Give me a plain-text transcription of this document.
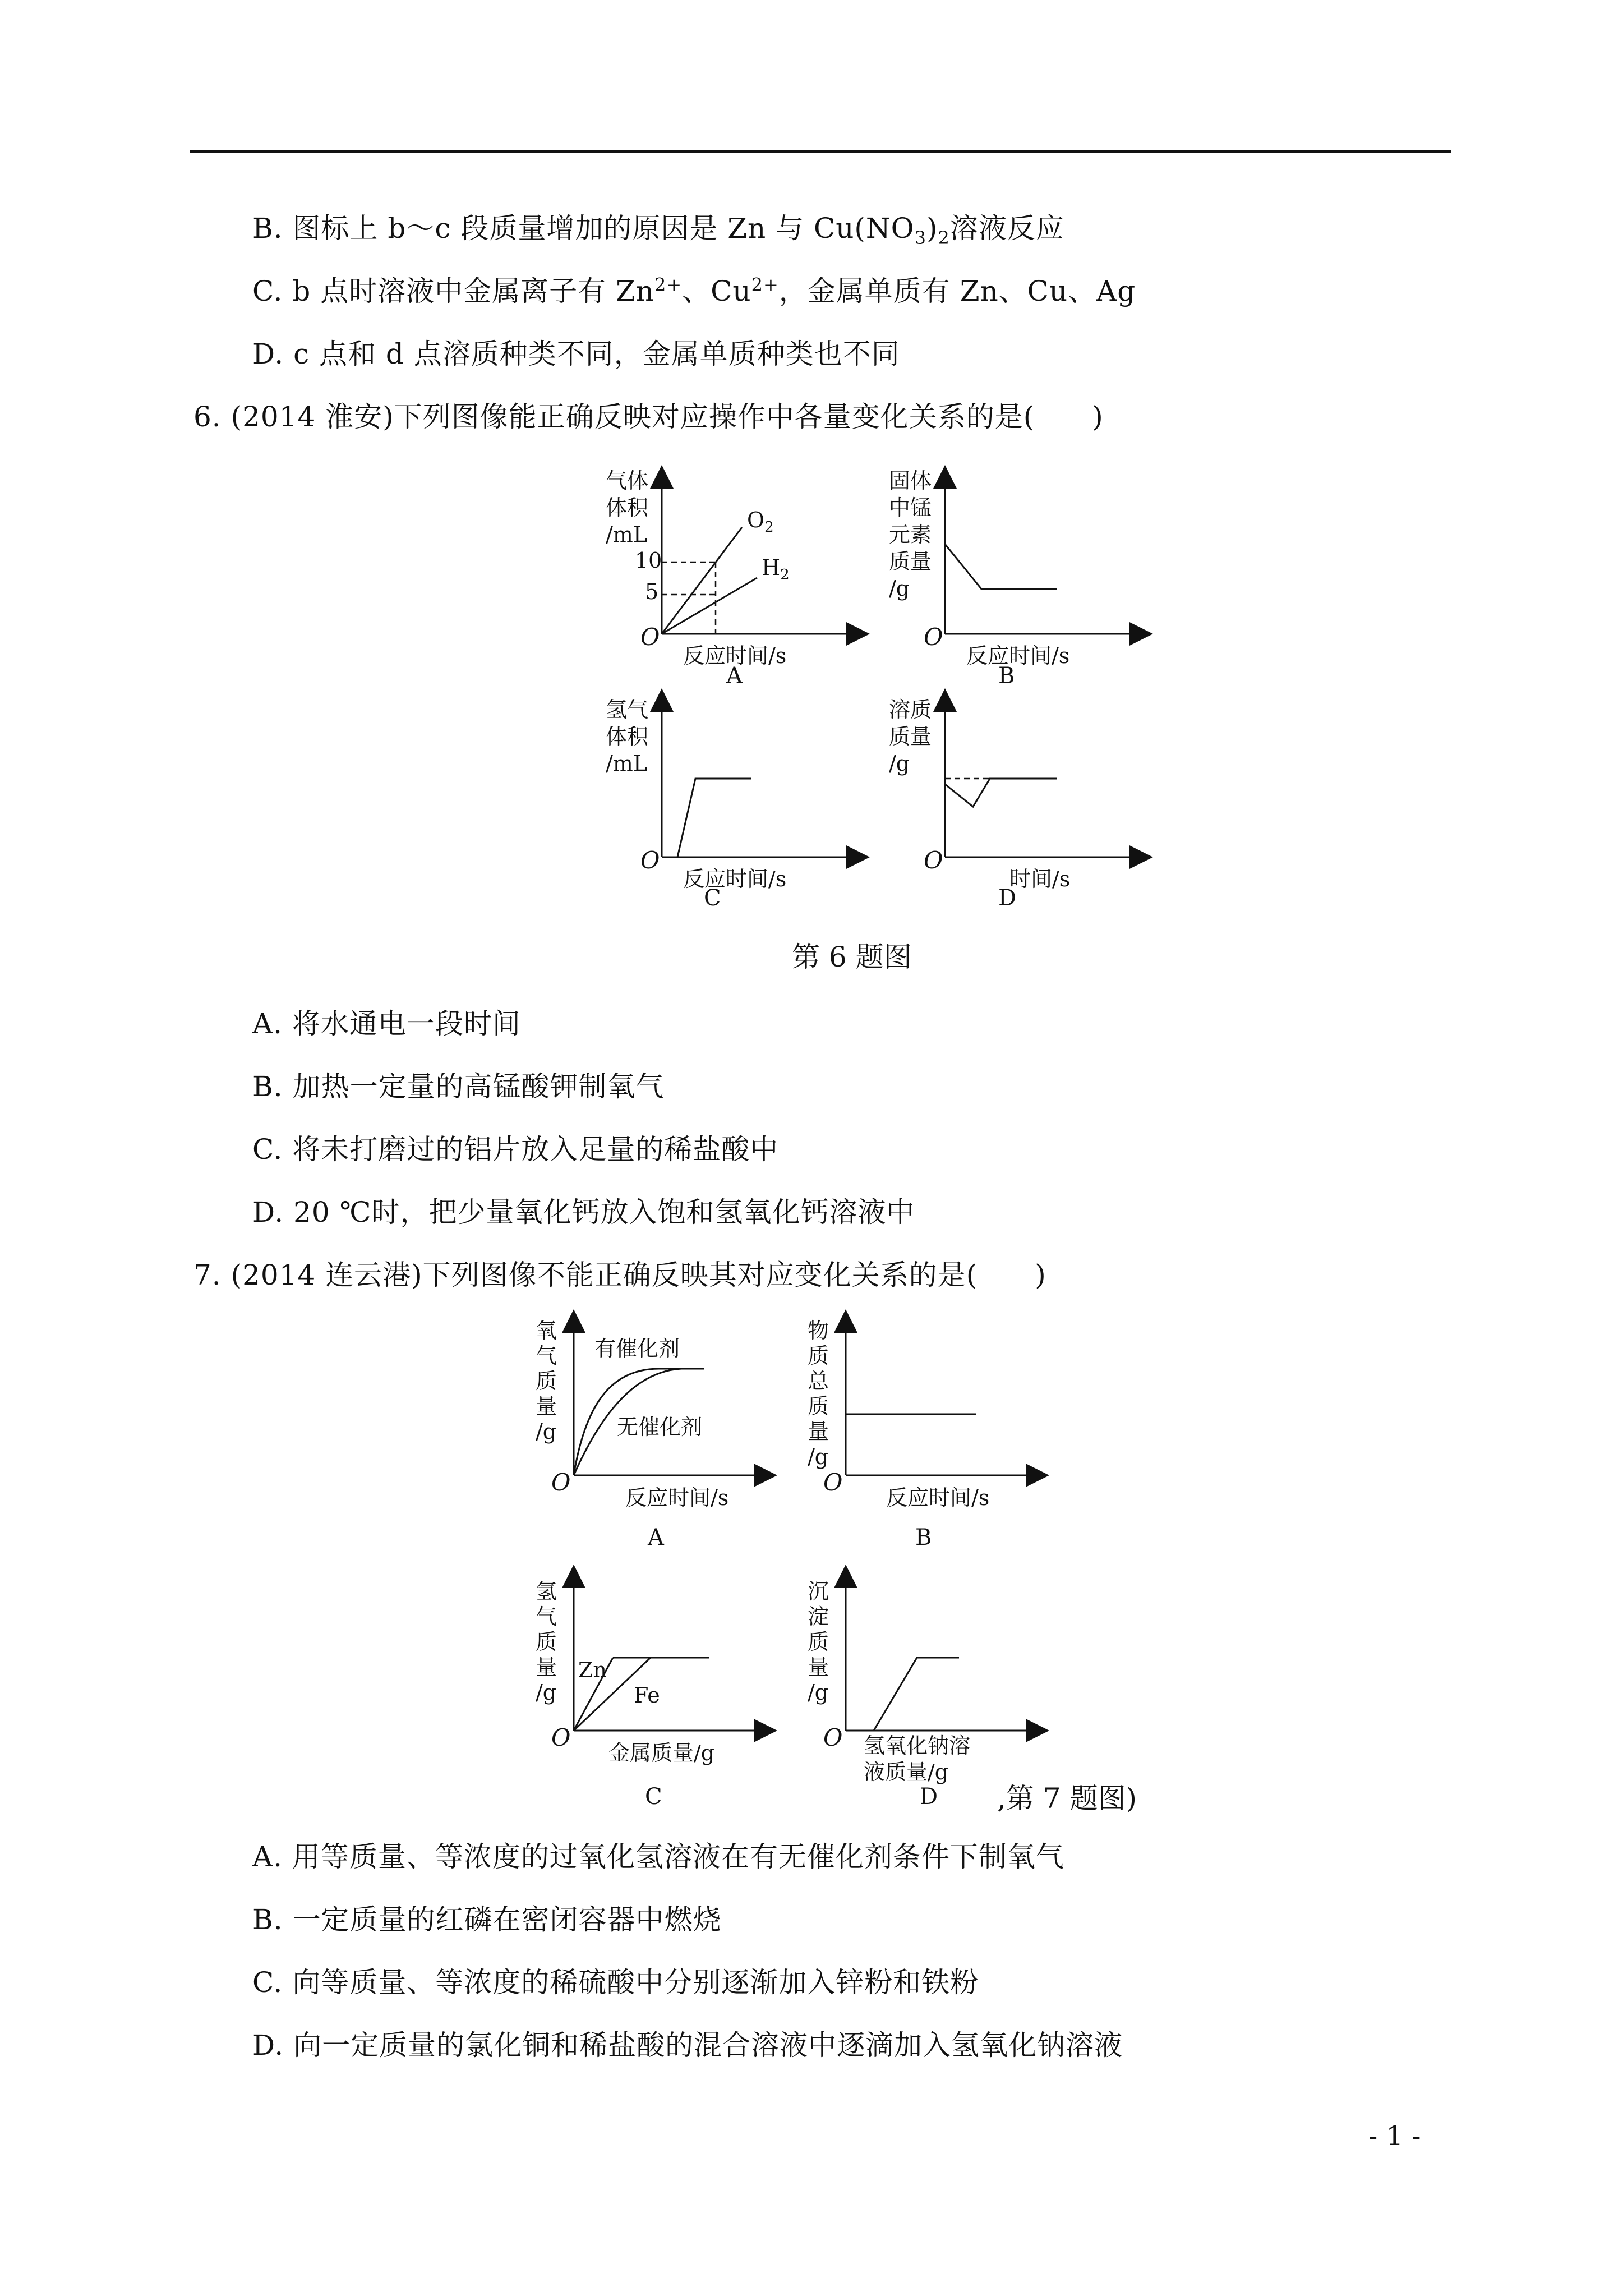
B. 图标上 b～c 段质量增加的原因是 Zn 与 $Cu(NO_3)_2$溶液反应
C. b 点时溶液中金属离子有 $Zn^{2+}$、$Cu^{2+}$，金属单质有 Zn、Cu、Ag
D. c 点和 d 点溶质种类不同，金属单质种类也不同
6. (2014 淮安)下列图像能正确反映对应操作中各量变化关系的是(　　)
气体
体积
/mL
10
5
$O_2$
$H_2$
O
反应时间/s
A
固体
中锰
元素
质量
/g
O
反应时间/s
B
氢气
体积
/mL
O
反应时间/s
C
溶质
质量
/g
O
时间/s
D
第 6 题图
A. 将水通电一段时间
B. 加热一定量的高锰酸钾制氧气
C. 将未打磨过的铝片放入足量的稀盐酸中
D. 20 ℃时，把少量氧化钙放入饱和氢氧化钙溶液中
7. (2014 连云港)下列图像不能正确反映其对应变化关系的是(　　)
氧
气
质
量
/g
有催化剂
无催化剂
O
反应时间/s
A
物
质
总
质
量
/g
O
反应时间/s
B
氢
气
质
量
/g
Zn
Fe
O
金属质量/g
C
沉
淀
质
量
/g
O 氢氧化钠溶
液质量/g
D ,第 7 题图)
A. 用等质量、等浓度的过氧化氢溶液在有无催化剂条件下制氧气
B. 一定质量的红磷在密闭容器中燃烧
C. 向等质量、等浓度的稀硫酸中分别逐渐加入锌粉和铁粉
D. 向一定质量的氯化铜和稀盐酸的混合溶液中逐滴加入氢氧化钠溶液
- 1 -
